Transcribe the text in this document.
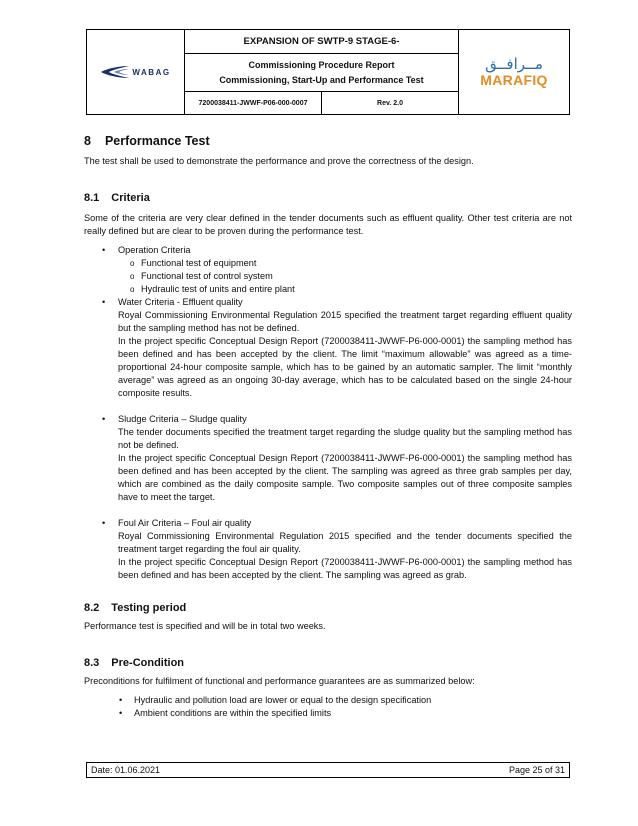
WABAG
EXPANSION OF SWTP-9 STAGE-6-
Commissioning Procedure Report
Commissioning, Start-Up and Performance Test
7200038411-JWWF-P06-000-0007	Rev. 2.0
مــرافــق
MARAFIQ
8 Performance Test

The test shall be used to demonstrate the performance and prove the correctness of the design.

8.1 Criteria

Some of the criteria are very clear defined in the tender documents such as effluent quality. Other test criteria are not really defined but are clear to be proven during the performance test.

• Operation Criteria
o Functional test of equipment
o Functional test of control system
o Hydraulic test of units and entire plant
• Water Criteria - Effluent quality
Royal Commissioning Environmental Regulation 2015 specified the treatment target regarding effluent quality but the sampling method has not be defined.
In the project specific Conceptual Design Report (7200038411-JWWF-P6-000-0001) the sampling method has been defined and has been accepted by the client. The limit “maximum allowable” was agreed as a time-proportional 24-hour composite sample, which has to be gained by an automatic sampler. The limit “monthly average” was agreed as an ongoing 30-day average, which has to be calculated based on the single 24-hour composite results.
• Sludge Criteria – Sludge quality
The tender documents specified the treatment target regarding the sludge quality but the sampling method has not be defined.
In the project specific Conceptual Design Report (7200038411-JWWF-P6-000-0001) the sampling method has been defined and has been accepted by the client. The sampling was agreed as three grab samples per day, which are combined as the daily composite sample. Two composite samples out of three composite samples have to meet the target.
• Foul Air Criteria – Foul air quality
Royal Commissioning Environmental Regulation 2015 specified and the tender documents specified the treatment target regarding the foul air quality.
In the project specific Conceptual Design Report (7200038411-JWWF-P6-000-0001) the sampling method has been defined and has been accepted by the client. The sampling was agreed as grab.
8.2 Testing period

Performance test is specified and will be in total two weeks.

8.3 Pre-Condition

Preconditions for fulfilment of functional and performance guarantees are as summarized below:

• Hydraulic and pollution load are lower or equal to the design specification
• Ambient conditions are within the specified limits
Date: 01.06.2021	Page 25 of 31
